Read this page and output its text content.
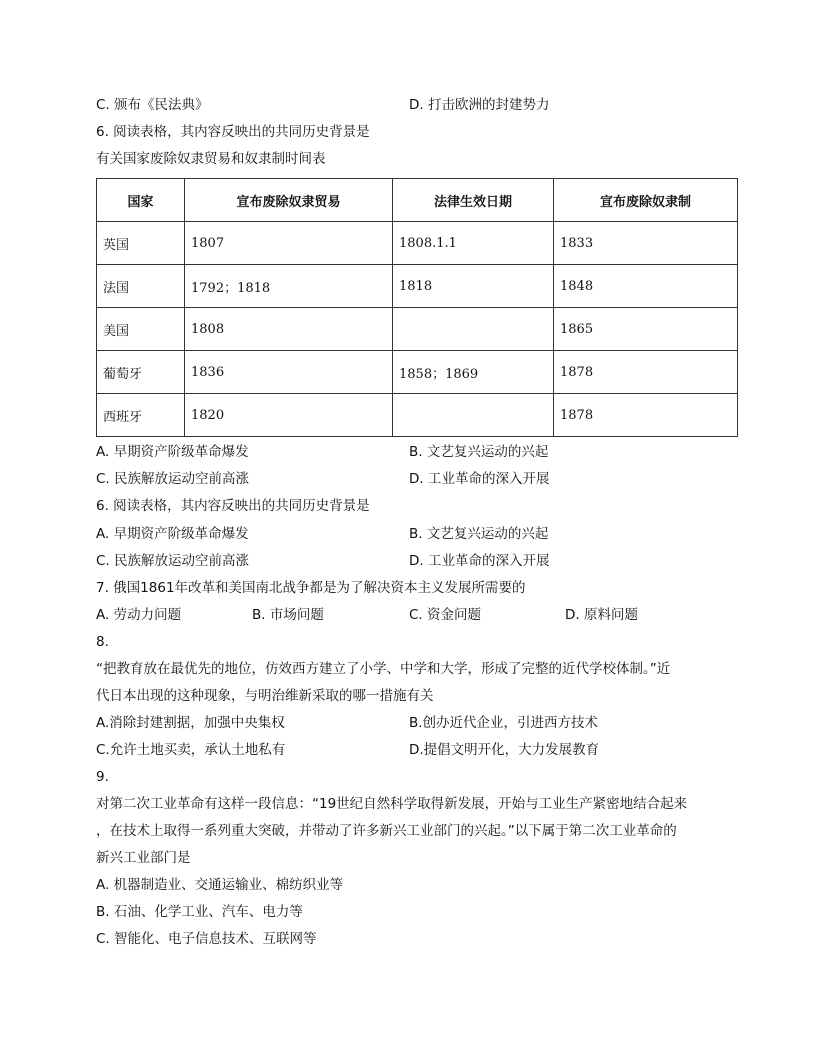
C. 颁布《民法典》	D. 打击欧洲的封建势力
6. 阅读表格，其内容反映出的共同历史背景是
有关国家废除奴隶贸易和奴隶制时间表
国家	宣布废除奴隶贸易	法律生效日期	宣布废除奴隶制
英国	1807	1808.1.1	1833
法国	1792；1818	1818	1848
美国	1808		1865
葡萄牙	1836	1858；1869	1878
西班牙	1820		1878
A. 早期资产阶级革命爆发	B. 文艺复兴运动的兴起
C. 民族解放运动空前高涨	D. 工业革命的深入开展
6. 阅读表格，其内容反映出的共同历史背景是
A. 早期资产阶级革命爆发	B. 文艺复兴运动的兴起
C. 民族解放运动空前高涨	D. 工业革命的深入开展
7. 俄国1861年改革和美国南北战争都是为了解决资本主义发展所需要的
A. 劳动力问题	B. 市场问题	C. 资金问题	D. 原料问题
8.
“把教育放在最优先的地位，仿效西方建立了小学、中学和大学，形成了完整的近代学校体制。”近
代日本出现的这种现象，与明治维新采取的哪一措施有关
A.消除封建割据，加强中央集权	B.创办近代企业，引进西方技术
C.允许土地买卖，承认土地私有	D.提倡文明开化，大力发展教育
9.
对第二次工业革命有这样一段信息：“19世纪自然科学取得新发展，开始与工业生产紧密地结合起来
，在技术上取得一系列重大突破，并带动了许多新兴工业部门的兴起。”以下属于第二次工业革命的
新兴工业部门是
A. 机器制造业、交通运输业、棉纺织业等
B. 石油、化学工业、汽车、电力等
C. 智能化、电子信息技术、互联网等
